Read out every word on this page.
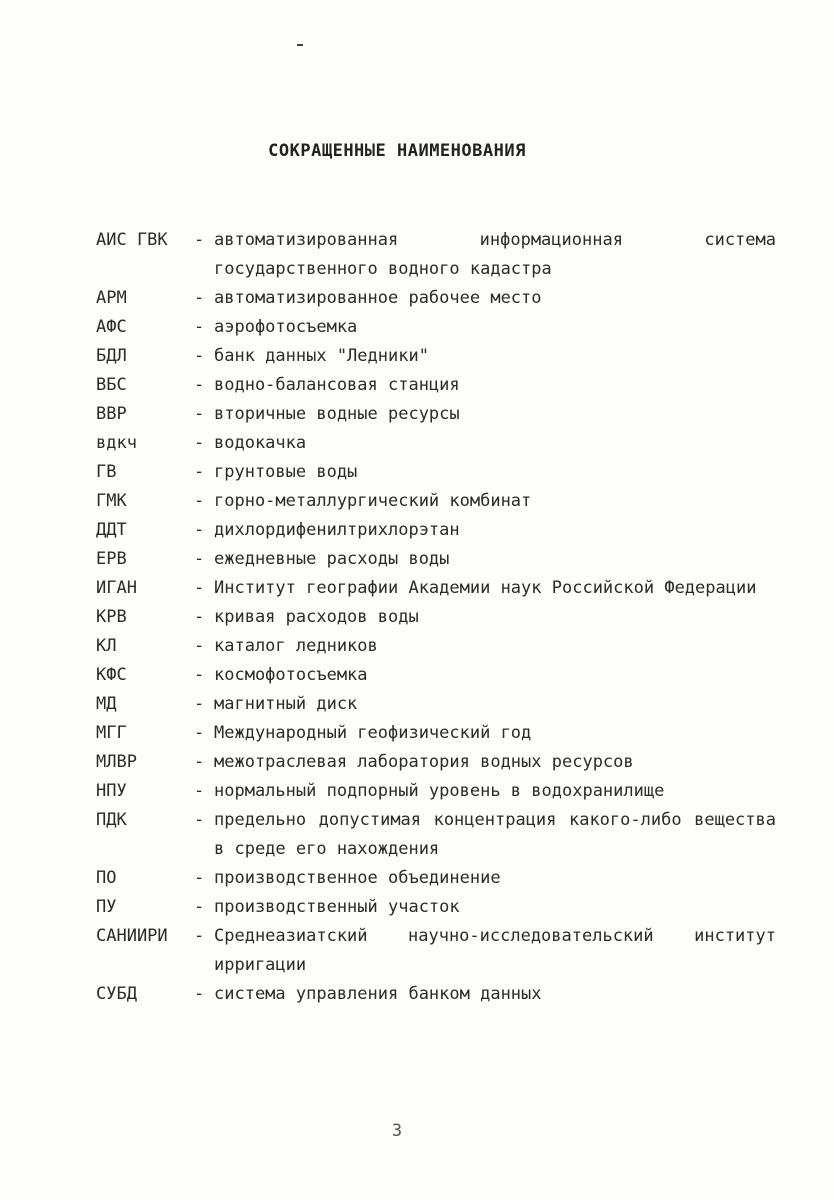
СОКРАЩЕННЫЕ НАИМЕНОВАНИЯ
АИС ГВК - автоматизированная информационная система государственного водного кадастра
АРМ	- автоматизированное рабочее место
АФС	- аэрофотосъемка
БДЛ	- банк данных "Ледники"
ВБС	- водно-балансовая станция
ВВР	- вторичные водные ресурсы
вдкч	- водокачка
ГВ	- грунтовые воды
ГМК	- горно-металлургический комбинат
ДДТ	- дихлордифенилтрихлорэтан
ЕРВ	- ежедневные расходы воды
ИГАН	- Институт географии Академии наук Российской Федерации
КРВ	- кривая расходов воды
КЛ	- каталог ледников
КФС	- космофотосъемка
МД	- магнитный диск
МГГ	- Международный геофизический год
МЛВР	- межотраслевая лаборатория водных ресурсов
НПУ	- нормальный подпорный уровень в водохранилище
ПДК	- предельно допустимая концентрация какого-либо вещества в среде его нахождения
ПО	- производственное объединение
ПУ	- производственный участок
САНИИРИ - Среднеазиатский научно-исследовательский институт ирригации
СУБД	- система управления банком данных
3
